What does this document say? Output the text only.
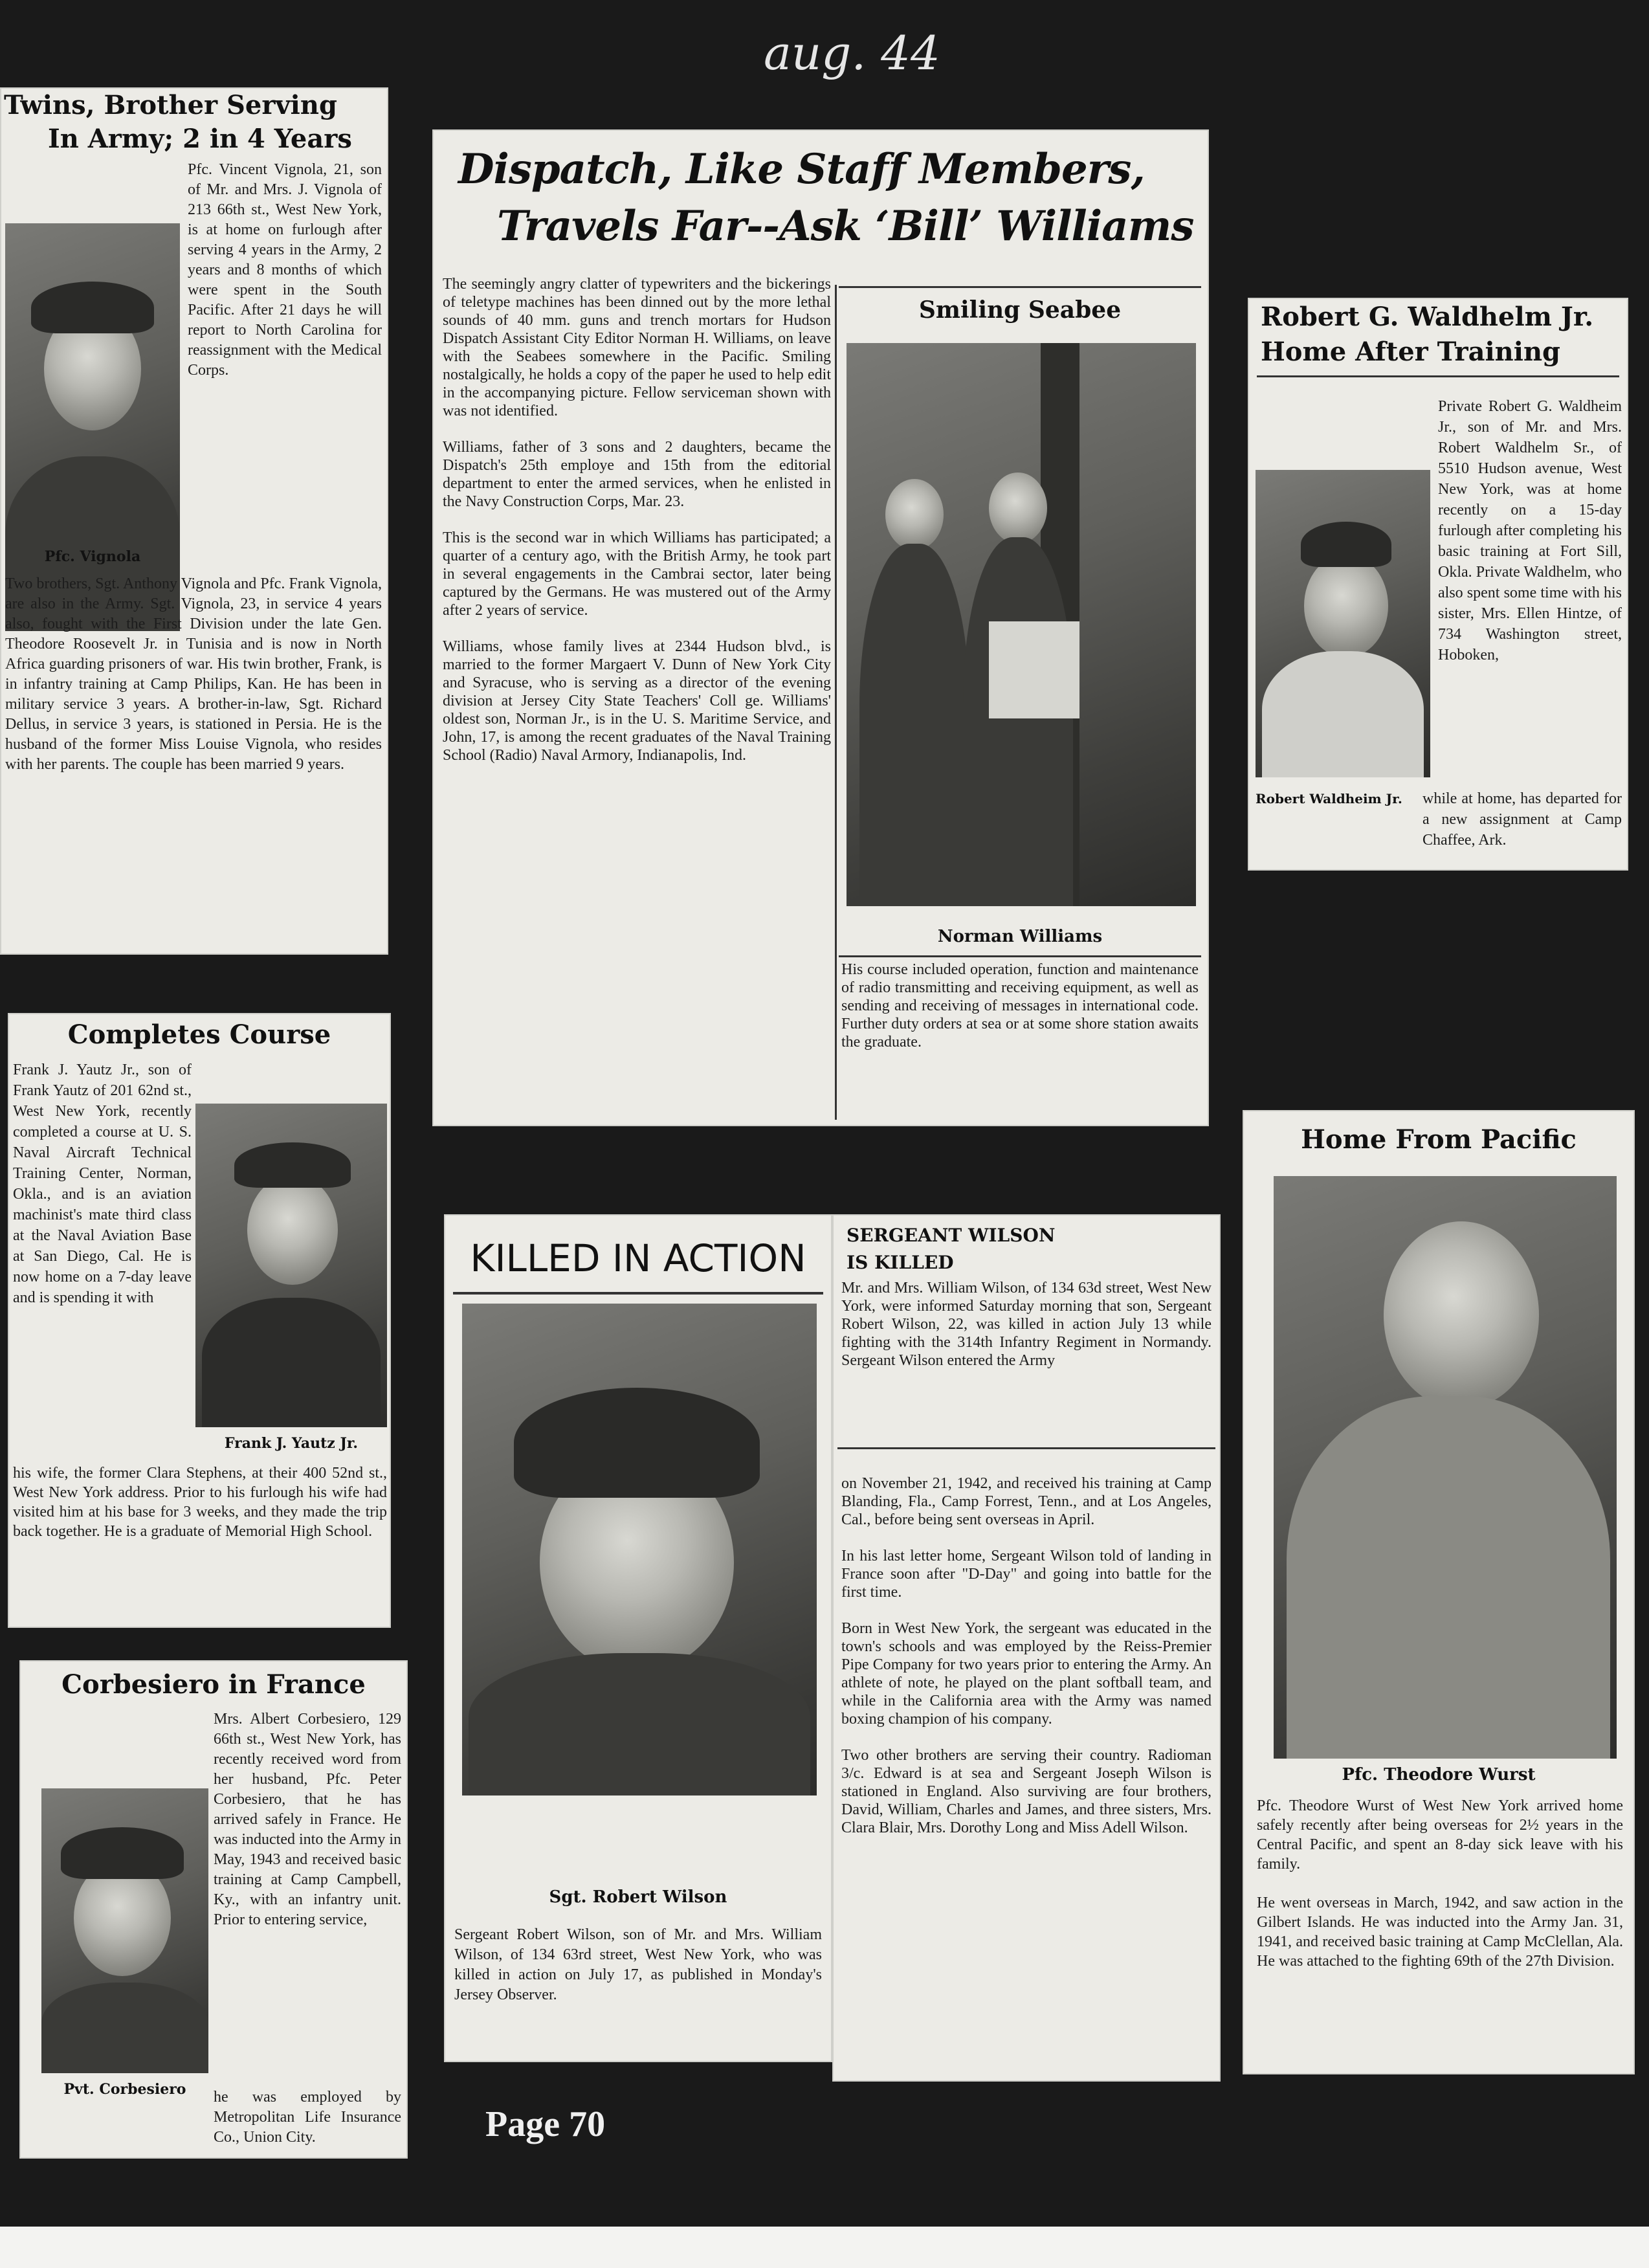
aug. 44
Twins, Brother Serving
In Army; 2 in 4 Years
Pfc. Vincent Vignola, 21, son of Mr. and Mrs. J. Vignola of 213 66th st., West New York, is at home on furlough after serving 4 years in the Army, 2 years and 8 months of which were spent in the South Pacific. After 21 days he will report to North Carolina for reassignment with the Medical Corps.
Pfc. Vignola
Two brothers, Sgt. Anthony Vignola and Pfc. Frank Vignola, are also in the Army. Sgt. Vignola, 23, in service 4 years also, fought with the First Division under the late Gen. Theodore Roosevelt Jr. in Tunisia and is now in North Africa guarding prisoners of war. His twin brother, Frank, is in infantry training at Camp Philips, Kan. He has been in military service 3 years. A brother-in-law, Sgt. Richard Dellus, in service 3 years, is stationed in Persia. He is the husband of the former Miss Louise Vignola, who resides with her parents. The couple has been married 9 years.
Dispatch, Like Staff Members,
Travels Far--Ask ‘Bill’ Williams
The seemingly angry clatter of typewriters and the bickerings of teletype machines has been dinned out by the more lethal sounds of 40 mm. guns and trench mortars for Hudson Dispatch Assistant City Editor Norman H. Williams, on leave with the Seabees somewhere in the Pacific. Smiling nostalgically, he holds a copy of the paper he used to help edit in the accompanying picture. Fellow serviceman shown with was not identified.

Williams, father of 3 sons and 2 daughters, became the Dispatch's 25th employe and 15th from the editorial department to enter the armed services, when he enlisted in the Navy Construction Corps, Mar. 23.

This is the second war in which Williams has participated; a quarter of a century ago, with the British Army, he took part in several engagements in the Cambrai sector, later being captured by the Germans. He was mustered out of the Army after 2 years of service.

Williams, whose family lives at 2344 Hudson blvd., is married to the former Margaert V. Dunn of New York City and Syracuse, who is serving as a director of the evening division at Jersey City State Teachers' Coll ge. Williams' oldest son, Norman Jr., is in the U. S. Maritime Service, and John, 17, is among the recent graduates of the Naval Training School (Radio) Naval Armory, Indianapolis, Ind.
Smiling Seabee
Norman Williams
His course included operation, function and maintenance of radio transmitting and receiving equipment, as well as sending and receiving of messages in international code. Further duty orders at sea or at some shore station awaits the graduate.
Robert G. Waldhelm Jr.
Home After Training
Private Robert G. Waldheim Jr., son of Mr. and Mrs. Robert Waldhelm Sr., of 5510 Hudson avenue, West New York, was at home recently on a 15-day furlough after completing his basic training at Fort Sill, Okla. Private Waldhelm, who also spent some time with his sister, Mrs. Ellen Hintze, of 734 Washington street, Hoboken,
Robert Waldheim Jr.	while at home, has departed for a new assignment at Camp Chaffee, Ark.
Completes Course
Frank J. Yautz Jr., son of Frank Yautz of 201 62nd st., West New York, recently completed a course at U. S. Naval Aircraft Technical Training Center, Norman, Okla., and is an aviation machinist's mate third class at the Naval Aviation Base at San Diego, Cal. He is now home on a 7-day leave and is spending it with
Frank J. Yautz Jr.
his wife, the former Clara Stephens, at their 400 52nd st., West New York address. Prior to his furlough his wife had visited him at his base for 3 weeks, and they made the trip back together. He is a graduate of Memorial High School.
Corbesiero in France
Mrs. Albert Corbesiero, 129 66th st., West New York, has recently received word from her husband, Pfc. Peter Corbesiero, that he has arrived safely in France. He was inducted into the Army in May, 1943 and received basic training at Camp Campbell, Ky., with an infantry unit. Prior to entering service,
Pvt. Corbesiero	he was employed by Metropolitan Life Insurance Co., Union City.
KILLED IN ACTION
Sgt. Robert Wilson
Sergeant Robert Wilson, son of Mr. and Mrs. William Wilson, of 134 63rd street, West New York, who was killed in action on July 17, as published in Monday's Jersey Observer.
SERGEANT WILSON
IS KILLED
Mr. and Mrs. William Wilson, of 134 63d street, West New York, were informed Saturday morning that son, Sergeant Robert Wilson, 22, was killed in action July 13 while fighting with the 314th Infantry Regiment in Normandy. Sergeant Wilson entered the Army
on November 21, 1942, and received his training at Camp Blanding, Fla., Camp Forrest, Tenn., and at Los Angeles, Cal., before being sent overseas in April.

In his last letter home, Sergeant Wilson told of landing in France soon after "D-Day" and going into battle for the first time.

Born in West New York, the sergeant was educated in the town's schools and was employed by the Reiss-Premier Pipe Company for two years prior to entering the Army. An athlete of note, he played on the plant softball team, and while in the California area with the Army was named boxing champion of his company.

Two other brothers are serving their country. Radioman 3/c. Edward is at sea and Sergeant Joseph Wilson is stationed in England. Also surviving are four brothers, David, William, Charles and James, and three sisters, Mrs. Clara Blair, Mrs. Dorothy Long and Miss Adell Wilson.
Home From Pacific
Pfc. Theodore Wurst
Pfc. Theodore Wurst of West New York arrived home safely recently after being overseas for 2½ years in the Central Pacific, and spent an 8-day sick leave with his family.

He went overseas in March, 1942, and saw action in the Gilbert Islands. He was inducted into the Army Jan. 31, 1941, and received basic training at Camp McClellan, Ala. He was attached to the fighting 69th of the 27th Division.
Page 70
